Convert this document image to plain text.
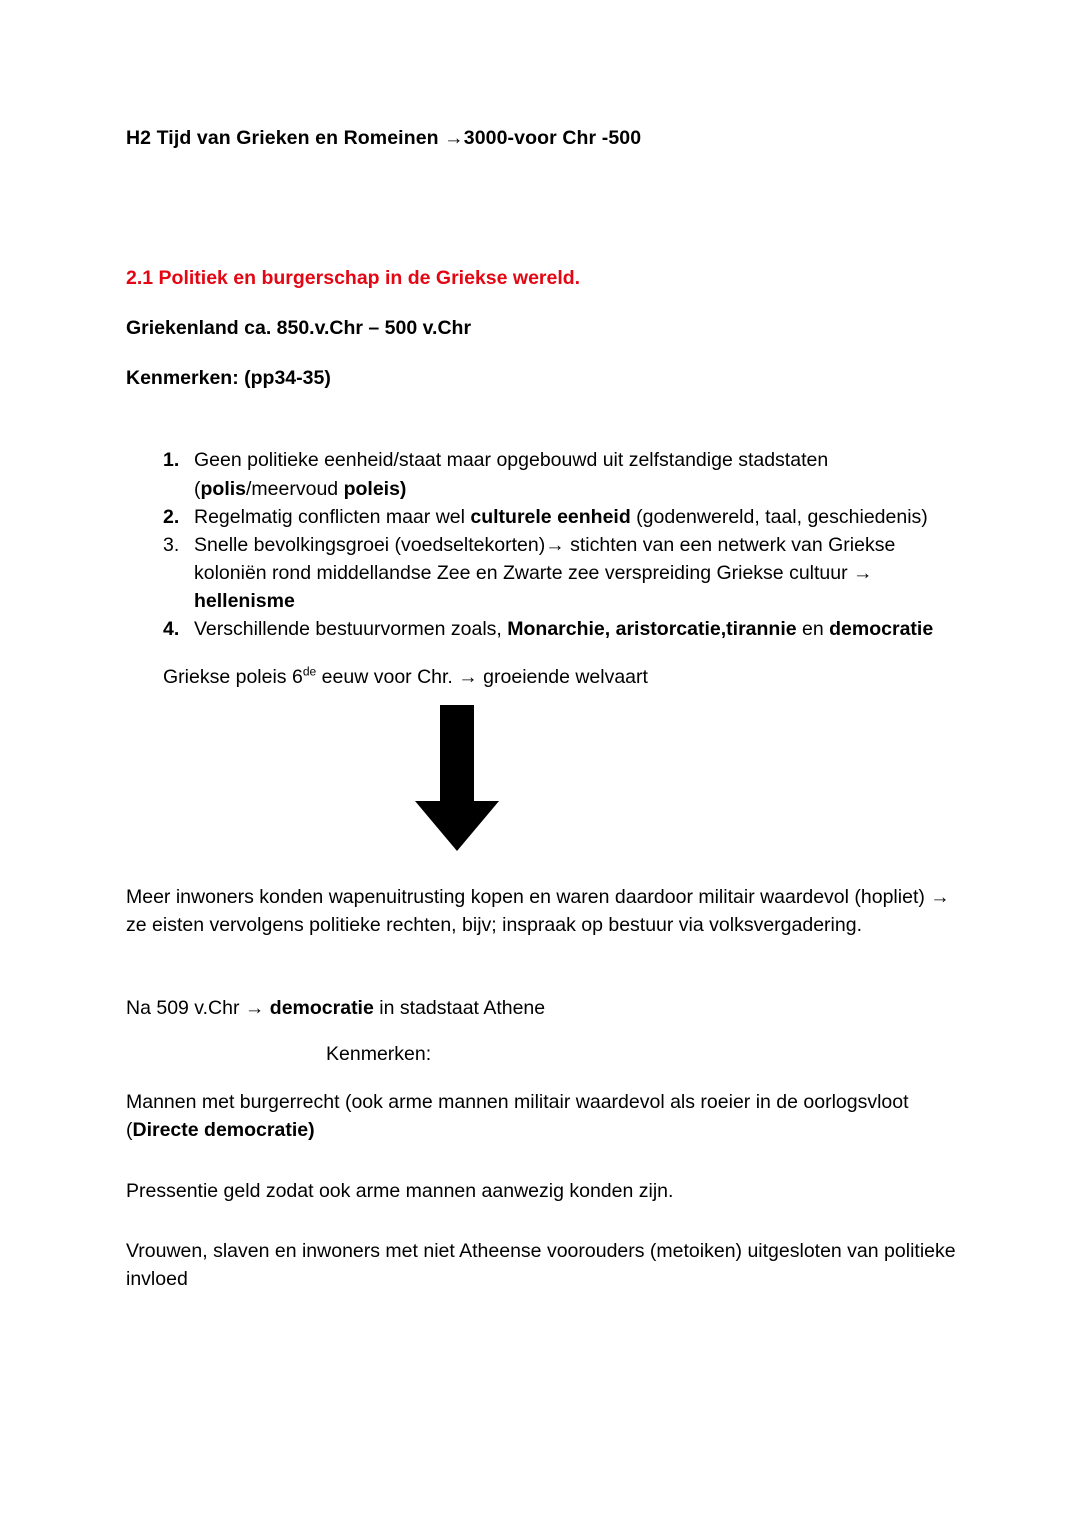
H2 Tijd van Grieken en Romeinen →3000-voor Chr -500
2.1 Politiek en burgerschap in de Griekse wereld.

Griekenland ca. 850.v.Chr – 500 v.Chr

Kenmerken: (pp34-35)

1. Geen politieke eenheid/staat maar opgebouwd uit zelfstandige stadstaten (polis/meervoud poleis)
2. Regelmatig conflicten maar wel culturele eenheid (godenwereld, taal, geschiedenis)
3. Snelle bevolkingsgroei (voedseltekorten)→ stichten van een netwerk van Griekse koloniën rond middellandse Zee en Zwarte zee verspreiding Griekse cultuur → hellenisme
4. Verschillende bestuurvormen zoals, Monarchie, aristorcatie,tirannie en democratie

Griekse poleis 6de eeuw voor Chr. → groeiende welvaart

Meer inwoners konden wapenuitrusting kopen en waren daardoor militair waardevol (hopliet) → ze eisten vervolgens politieke rechten, bijv; inspraak op bestuur via volksvergadering.

Na 509 v.Chr → democratie in stadstaat Athene

Kenmerken:

Mannen met burgerrecht (ook arme mannen militair waardevol als roeier in de oorlogsvloot (Directe democratie)

Pressentie geld zodat ook arme mannen aanwezig konden zijn.

Vrouwen, slaven en inwoners met niet Atheense voorouders (metoiken) uitgesloten van politieke invloed
